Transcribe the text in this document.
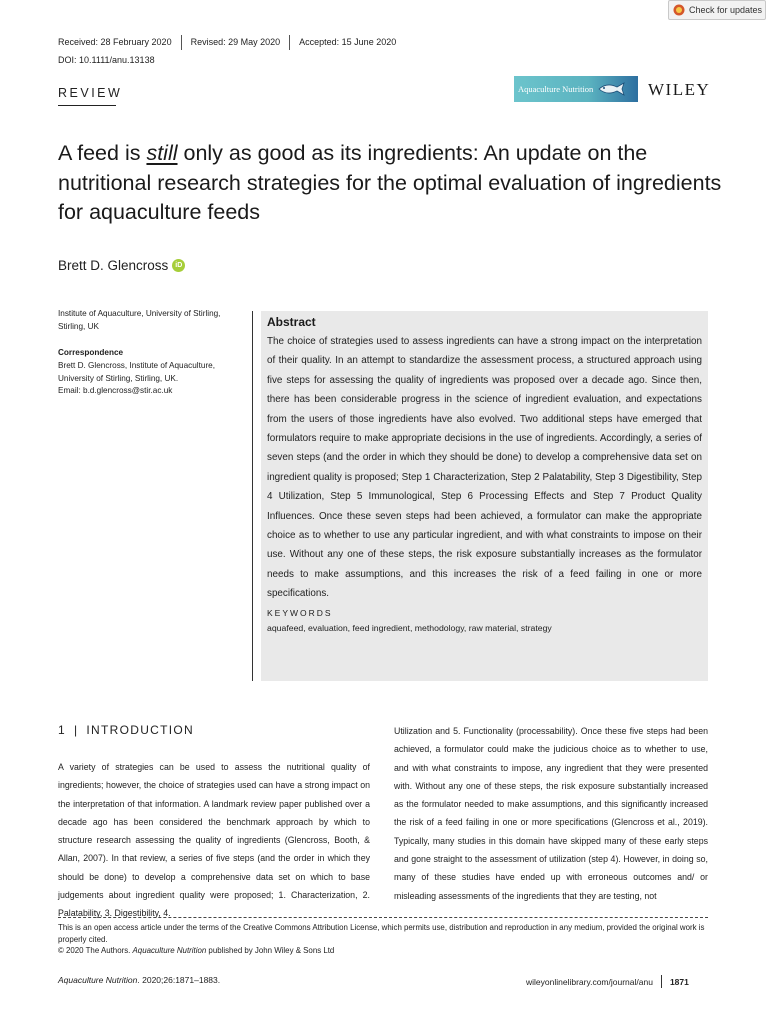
Check for updates
Received: 28 February 2020 Revised: 29 May 2020 Accepted: 15 June 2020
DOI: 10.1111/anu.13138
REVIEW	Aquaculture Nutrition	WILEY
A feed is still only as good as its ingredients: An update on the nutritional research strategies for the optimal evaluation of ingredients for aquaculture feeds
Brett D. Glencross	iD
Institute of Aquaculture, University of Stirling, Stirling, UK
Correspondence
Brett D. Glencross, Institute of Aquaculture, University of Stirling, Stirling, UK.
Email: b.d.glencross@stir.ac.uk
Abstract

The choice of strategies used to assess ingredients can have a strong impact on the interpretation of their quality. In an attempt to standardize the assessment process, a structured approach using five steps for assessing the quality of ingredients was proposed over a decade ago. Since then, there has been considerable progress in the science of ingredient evaluation, and expectations from the users of those ingredients have also evolved. Two additional steps have emerged that formulators require to make appropriate decisions in the use of ingredients. Accordingly, a series of seven steps (and the order in which they should be done) to develop a comprehensive data set on ingredient quality is proposed; Step 1 Characterization, Step 2 Palatability, Step 3 Digestibility, Step 4 Utilization, Step 5 Immunological, Step 6 Processing Effects and Step 7 Product Quality Influences. Once these seven steps had been achieved, a formulator can make the appropriate choice as to whether to use any particular ingredient, and with what constraints to impose on their use. Without any one of these steps, the risk exposure substantially increases as the formulator needs to make assumptions, and this increases the risk of a feed failing in one or more specifications.

KEYWORDS
aquafeed, evaluation, feed ingredient, methodology, raw material, strategy
1 | INTRODUCTION

A variety of strategies can be used to assess the nutritional quality of ingredients; however, the choice of strategies used can have a strong impact on the interpretation of that information. A landmark review paper published over a decade ago has been considered the benchmark approach by which to structure research assessing the quality of ingredients (Glencross, Booth, & Allan, 2007). In that review, a series of five steps (and the order in which they should be done) to develop a comprehensive data set on which to base judgements about ingredient quality were proposed; 1. Characterization, 2. Palatability, 3. Digestibility, 4.

Utilization and 5. Functionality (processability). Once these five steps had been achieved, a formulator could make the judicious choice as to whether to use, and with what constraints to impose, any ingredient that they were presented with. Without any one of these steps, the risk exposure substantially increased as the formulator needed to make assumptions, and this significantly increased the risk of a feed failing in one or more specifications (Glencross et al., 2019). Typically, many studies in this domain have skipped many of these early steps and gone straight to the assessment of utilization (step 4). However, in doing so, many of these studies have ended up with erroneous outcomes and/ or misleading assessments of the ingredients that they are testing, not

This is an open access article under the terms of the Creative Commons Attribution License, which permits use, distribution and reproduction in any medium, provided the original work is properly cited.
© 2020 The Authors. Aquaculture Nutrition published by John Wiley & Sons Ltd
Aquaculture Nutrition. 2020;26:1871–1883.	wileyonlinelibrary.com/journal/anu 1871
